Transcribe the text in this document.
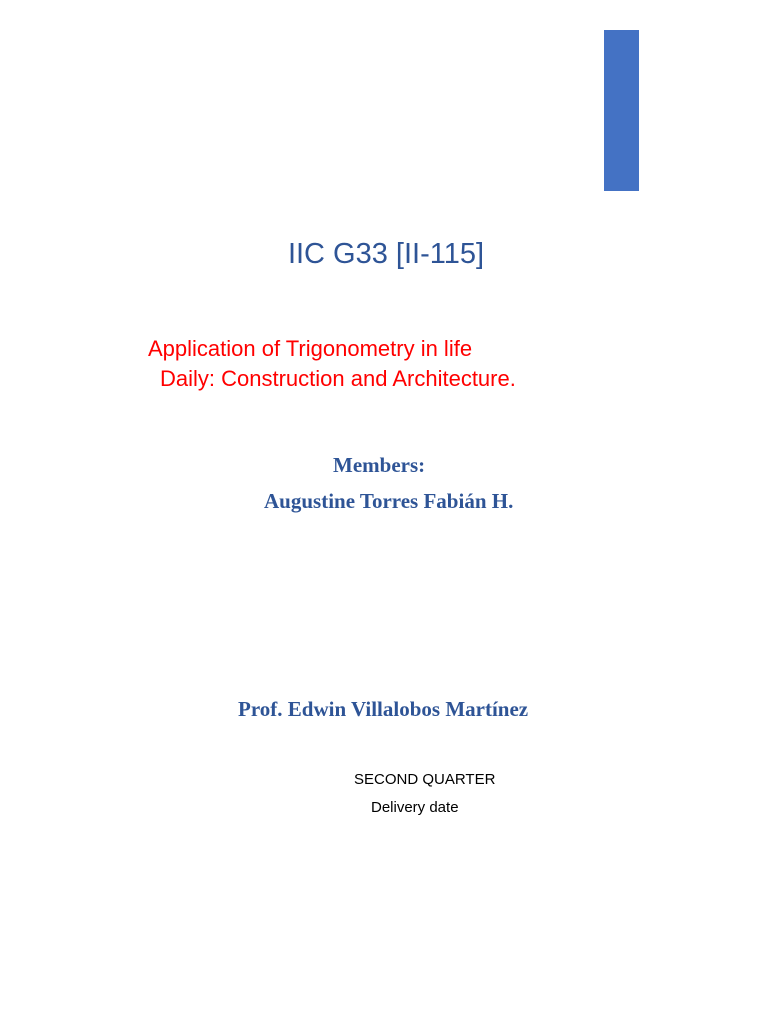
IIC G33 [II-115]
Application of Trigonometry in life
Daily: Construction and Architecture.
Members:
Augustine Torres Fabián H.
Prof. Edwin Villalobos Martínez
SECOND QUARTER
Delivery date
